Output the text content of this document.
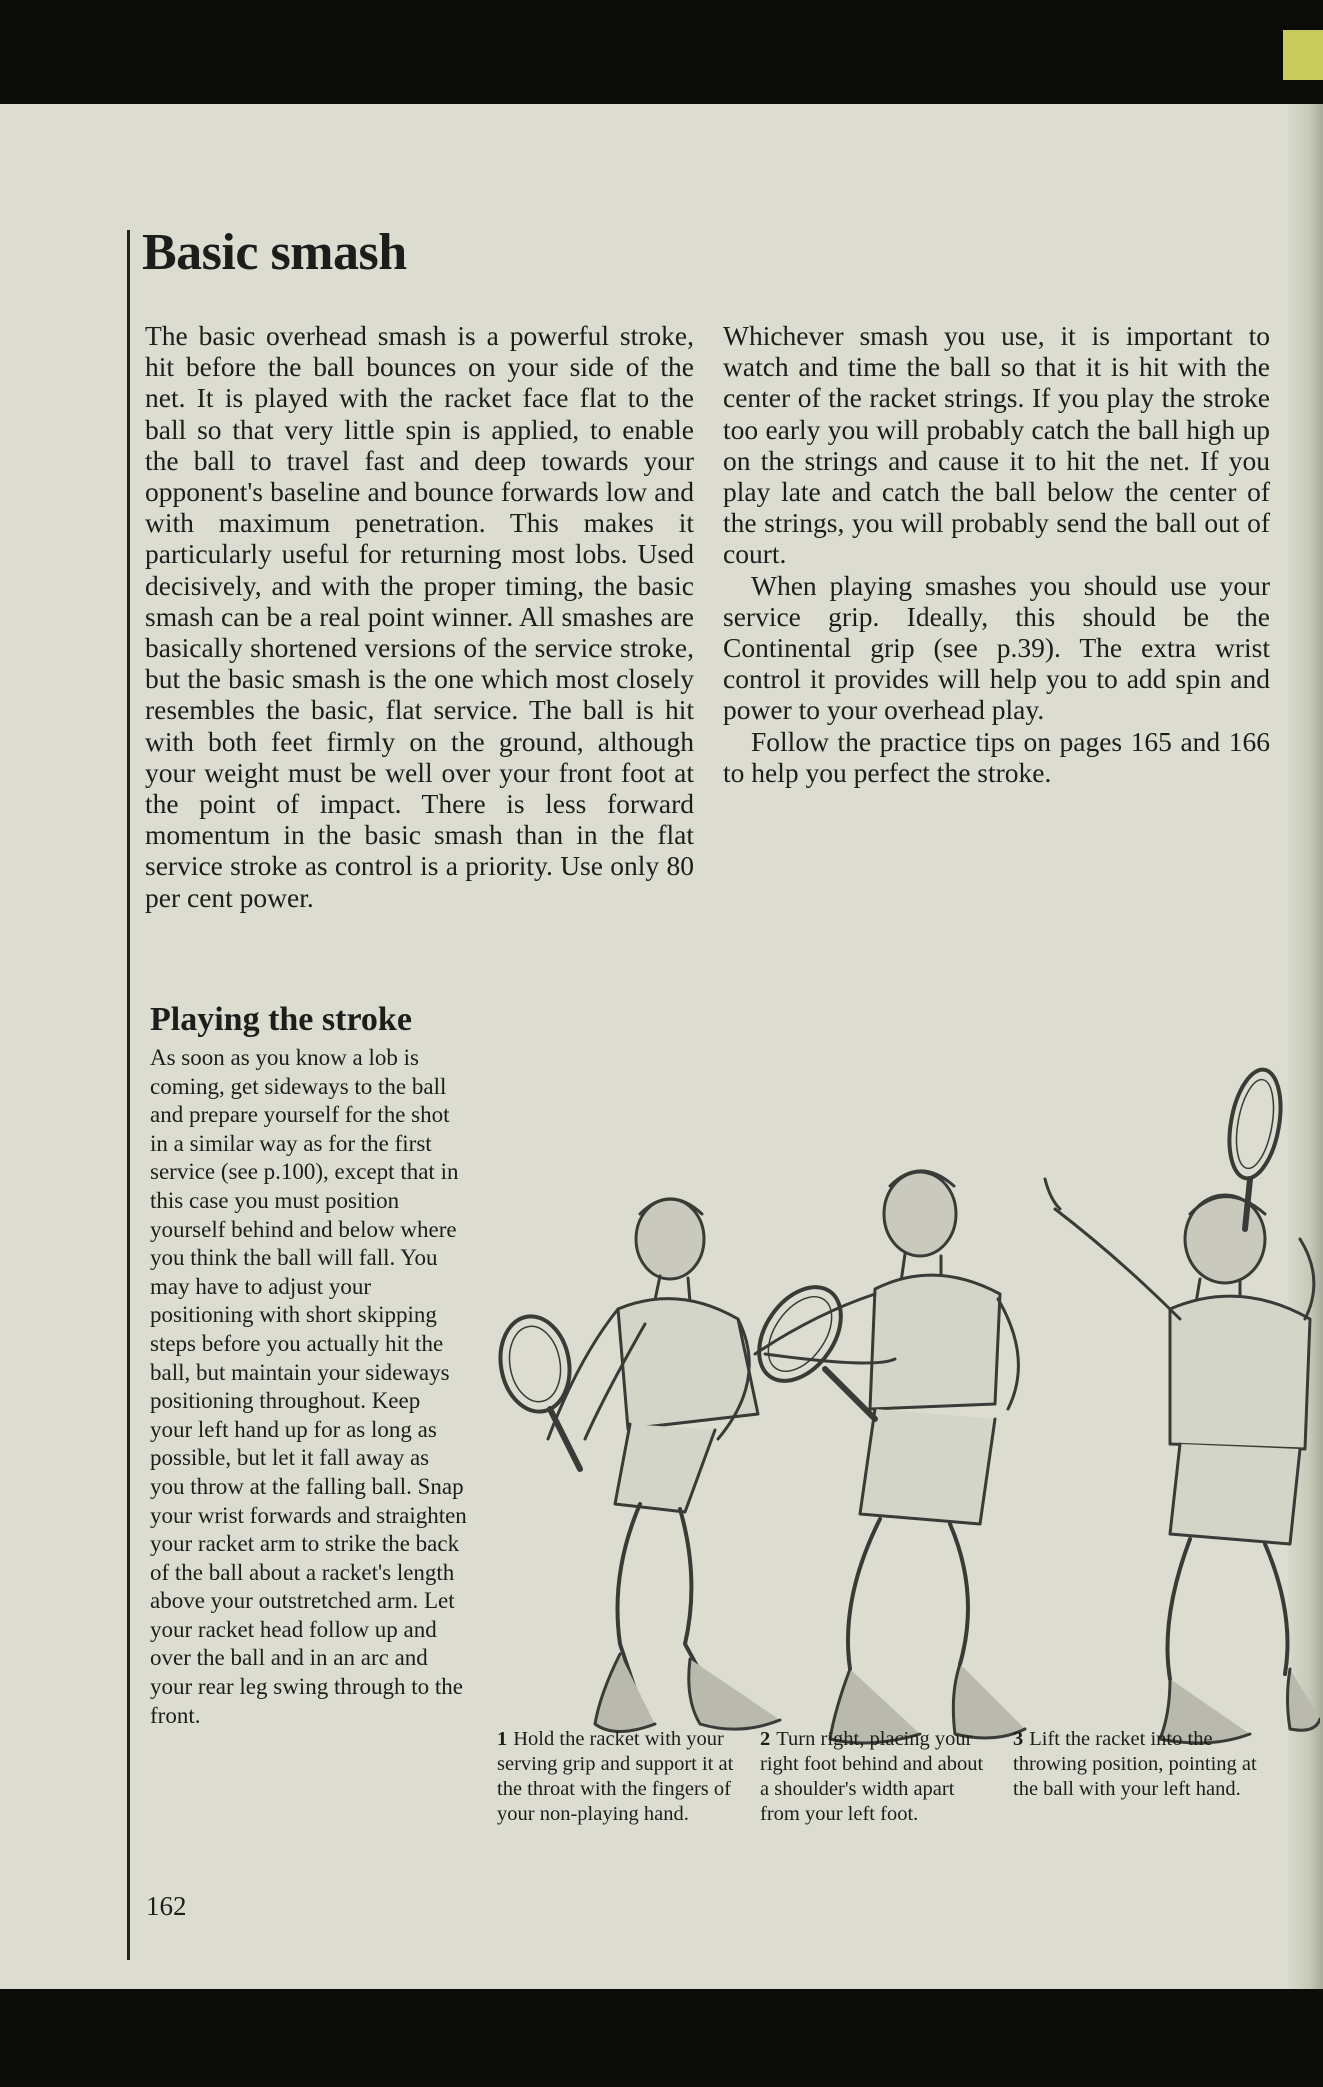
Basic smash

The basic overhead smash is a powerful stroke, hit before the ball bounces on your side of the net. It is played with the racket face flat to the ball so that very little spin is applied, to enable the ball to travel fast and deep towards your opponent's baseline and bounce forwards low and with maximum penetration. This makes it particularly useful for returning most lobs. Used decisively, and with the proper timing, the basic smash can be a real point winner. All smashes are basically shortened versions of the service stroke, but the basic smash is the one which most closely resembles the basic, flat service. The ball is hit with both feet firmly on the ground, although your weight must be well over your front foot at the point of impact. There is less forward momentum in the basic smash than in the flat service stroke as control is a priority. Use only 80 per cent power.

Whichever smash you use, it is important to watch and time the ball so that it is hit with the center of the racket strings. If you play the stroke too early you will probably catch the ball high up on the strings and cause it to hit the net. If you play late and catch the ball below the center of the strings, you will probably send the ball out of court.

When playing smashes you should use your service grip. Ideally, this should be the Continental grip (see p.39). The extra wrist control it provides will help you to add spin and power to your overhead play.

Follow the practice tips on pages 165 and 166 to help you perfect the stroke.

Playing the stroke
As soon as you know a lob is coming, get sideways to the ball and prepare yourself for the shot in a similar way as for the first service (see p.100), except that in this case you must position yourself behind and below where you think the ball will fall. You may have to adjust your positioning with short skipping steps before you actually hit the ball, but maintain your sideways positioning throughout. Keep your left hand up for as long as possible, but let it fall away as you throw at the falling ball. Snap your wrist forwards and straighten your racket arm to strike the back of the ball about a racket's length above your outstretched arm. Let your racket head follow up and over the ball and in an arc and your rear leg swing through to the front.
1 Hold the racket with your serving grip and support it at the throat with the fingers of your non-playing hand.
2 Turn right, placing your right foot behind and about a shoulder's width apart from your left foot.
3 Lift the racket into the throwing position, pointing at the ball with your left hand.
162
